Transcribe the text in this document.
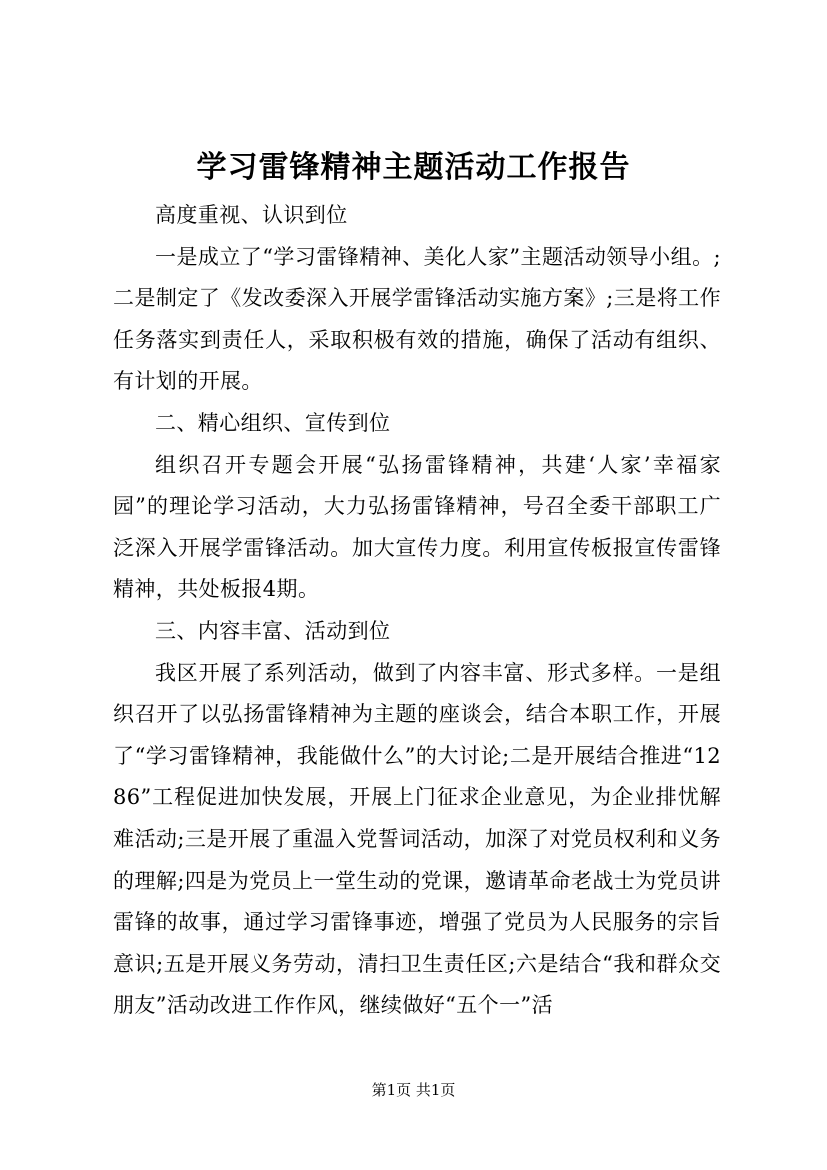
学习雷锋精神主题活动工作报告

高度重视、认识到位

一是成立了“学习雷锋精神、美化人家”主题活动领导小组。;二是制定了《发改委深入开展学雷锋活动实施方案》;三是将工作任务落实到责任人，采取积极有效的措施，确保了活动有组织、有计划的开展。

二、精心组织、宣传到位

组织召开专题会开展“弘扬雷锋精神，共建‘人家’幸福家园”的理论学习活动，大力弘扬雷锋精神，号召全委干部职工广泛深入开展学雷锋活动。加大宣传力度。利用宣传板报宣传雷锋精神，共处板报4期。

三、内容丰富、活动到位

我区开展了系列活动，做到了内容丰富、形式多样。一是组织召开了以弘扬雷锋精神为主题的座谈会，结合本职工作，开展了“学习雷锋精神，我能做什么”的大讨论;二是开展结合推进“1286”工程促进加快发展，开展上门征求企业意见，为企业排忧解难活动;三是开展了重温入党誓词活动，加深了对党员权利和义务的理解;四是为党员上一堂生动的党课，邀请革命老战士为党员讲雷锋的故事，通过学习雷锋事迹，增强了党员为人民服务的宗旨意识;五是开展义务劳动，清扫卫生责任区;六是结合“我和群众交朋友”活动改进工作作风，继续做好“五个一”活

第1页 共1页
